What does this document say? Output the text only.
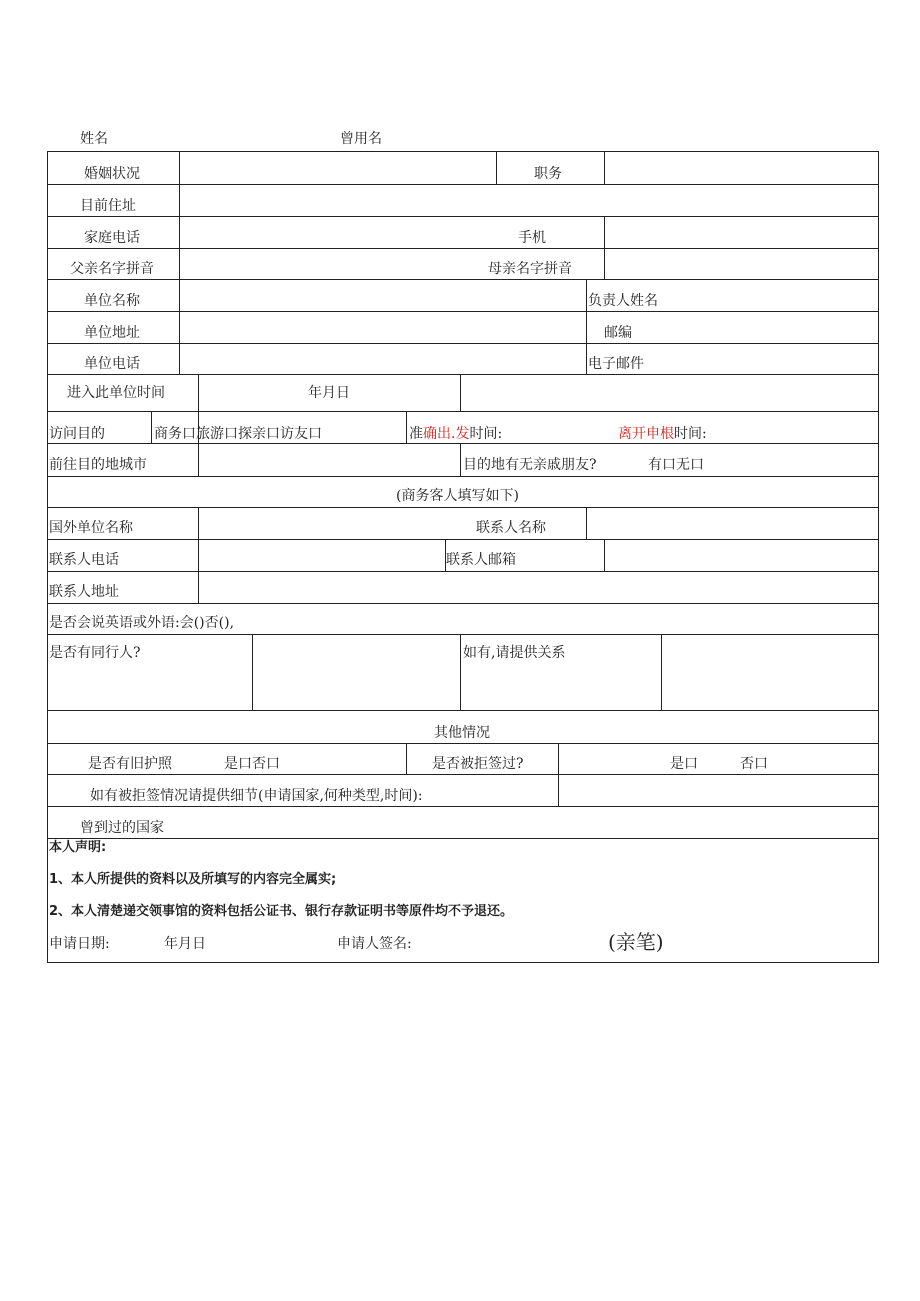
姓名	曾用名
婚姻状况	职务
目前住址
家庭电话	手机
父亲名字拼音	母亲名字拼音
单位名称	负责人姓名
单位地址	邮编
单位电话	电子邮件
进入此单位时间	年月日
访问目的	商务口旅游口探亲口访友口	准确出.发时间:	离开申根时间:
前往目的地城市	目的地有无亲戚朋友?	有口无口
(商务客人填写如下)
国外单位名称	联系人名称
联系人电话	联系人邮箱
联系人地址
是否会说英语或外语:会()否(),
是否有同行人?	如有,请提供关系
其他情况
是否有旧护照	是口否口	是否被拒签过?	是口	否口
如有被拒签情况请提供细节(申请国家,何种类型,时间):
曾到过的国家
本人声明:
1、本人所提供的资料以及所填写的内容完全属实;
2、本人清楚递交领事馆的资料包括公证书、银行存款证明书等原件均不予退还。
申请日期:	年月日	申请人签名:	(亲笔)
